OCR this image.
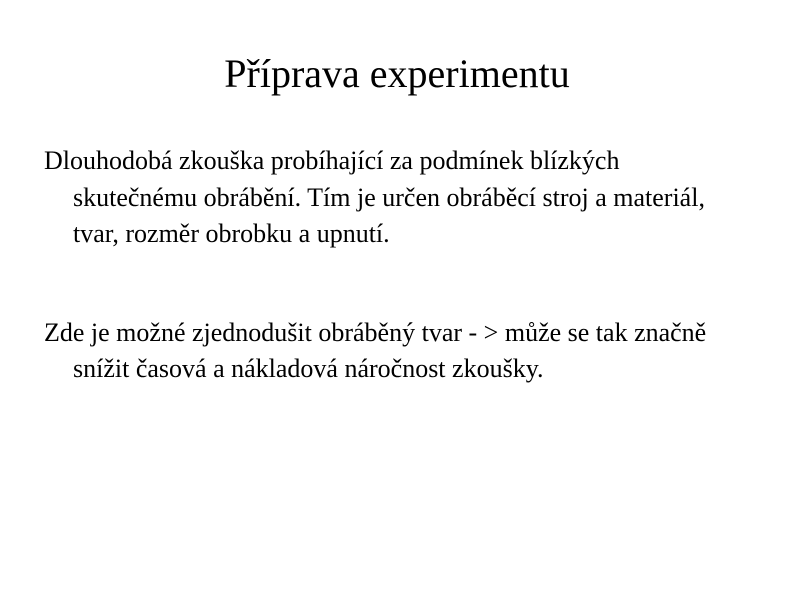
Příprava experimentu

Dlouhodobá zkouška probíhající za podmínek blízkých skutečnému obrábění. Tím je určen obráběcí stroj a materiál, tvar, rozměr obrobku a upnutí.

Zde je možné zjednodušit obráběný tvar - > může se tak značně snížit časová a nákladová náročnost zkoušky.
